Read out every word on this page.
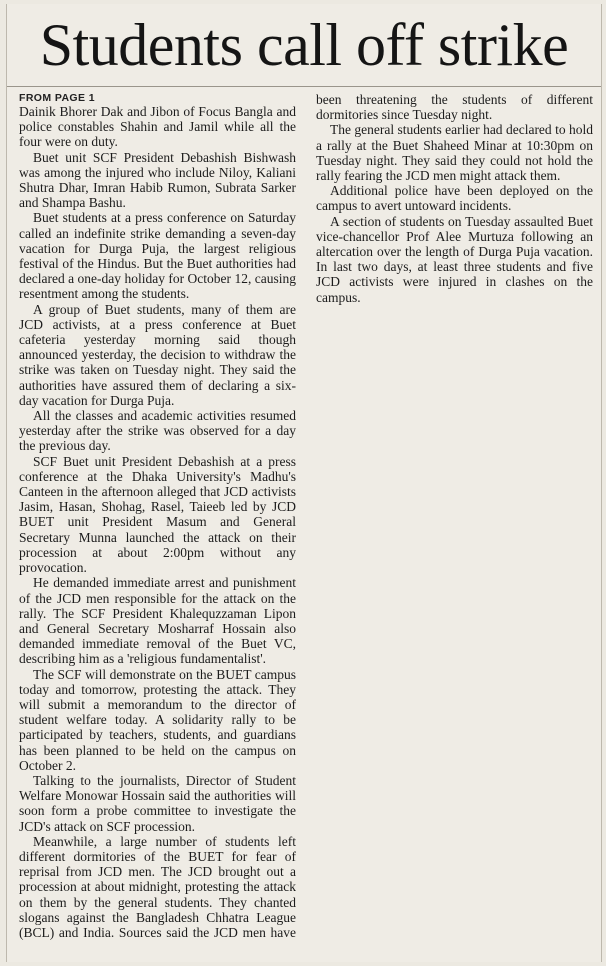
Students call off strike
FROM PAGE 1

Dainik Bhorer Dak and Jibon of Focus Bangla and police constables Shahin and Jamil while all the four were on duty.

Buet unit SCF President Debashish Bishwash was among the injured who include Niloy, Kaliani Shutra Dhar, Imran Habib Rumon, Subrata Sarker and Shampa Bashu.

Buet students at a press conference on Saturday called an indefinite strike demanding a seven-day vacation for Durga Puja, the largest religious festival of the Hindus. But the Buet authorities had declared a one-day holiday for October 12, causing resentment among the students.

A group of Buet students, many of them are JCD activists, at a press conference at Buet cafeteria yesterday morning said though announced yesterday, the decision to withdraw the strike was taken on Tuesday night. They said the authorities have assured them of declaring a six-day vacation for Durga Puja.

All the classes and academic activities resumed yesterday after the strike was observed for a day the previous day.

SCF Buet unit President Debashish at a press conference at the Dhaka University's Madhu's Canteen in the afternoon alleged that JCD activists Jasim, Hasan, Shohag, Rasel, Taieeb led by JCD BUET unit President Masum and General Secretary Munna launched the attack on their procession at about 2:00pm without any provocation.

He demanded immediate arrest and punishment of the JCD men responsible for the attack on the rally. The SCF President Khalequzzaman Lipon and General Secretary Mosharraf Hossain also demanded immediate removal of the Buet VC, describing him as a 'religious fundamentalist'.

The SCF will demonstrate on the BUET campus today and tomorrow, protesting the attack. They will submit a memorandum to the director of student welfare today. A solidarity rally to be participated by teachers, students, and guardians has been planned to be held on the campus on October 2.

Talking to the journalists, Director of Student Welfare Monowar Hossain said the authorities will soon form a probe committee to investigate the JCD's attack on SCF procession.

Meanwhile, a large number of students left different dormitories of the BUET for fear of reprisal from JCD men. The JCD brought out a procession at about midnight, protesting the attack on them by the general students. They chanted slogans against the Bangladesh Chhatra League (BCL) and India. Sources said the JCD men have been threatening the students of different dormitories since Tuesday night.

The general students earlier had declared to hold a rally at the Buet Shaheed Minar at 10:30pm on Tuesday night. They said they could not hold the rally fearing the JCD men might attack them.

Additional police have been deployed on the campus to avert untoward incidents.

A section of students on Tuesday assaulted Buet vice-chancellor Prof Alee Murtuza following an altercation over the length of Durga Puja vacation. In last two days, at least three students and five JCD activists were injured in clashes on the campus.
